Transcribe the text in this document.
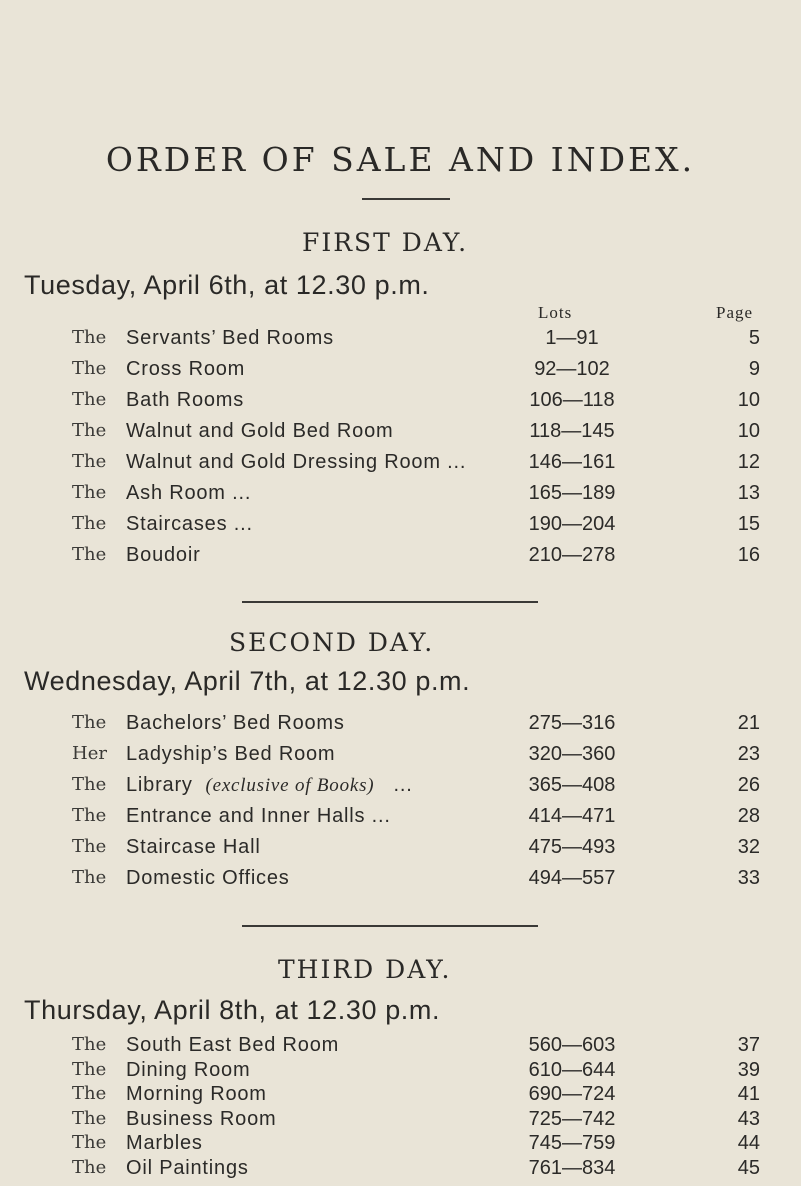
ORDER OF SALE AND INDEX.
FIRST DAY.
Tuesday, April 6th, at 12.30 p.m.
Lots	Page
The Servants’ Bed Rooms	1—91	5
The Cross Room	92—102	9
The Bath Rooms	106—118	10
The Walnut and Gold Bed Room	118—145	10
The Walnut and Gold Dressing Room ...	146—161	12
The Ash Room ...	165—189	13
The Staircases ...	190—204	15
The Boudoir	210—278	16
SECOND DAY.
Wednesday, April 7th, at 12.30 p.m.
The Bachelors’ Bed Rooms	275—316	21
Her Ladyship’s Bed Room	320—360	23
The Library (exclusive of Books) ...	365—408	26
The Entrance and Inner Halls ...	414—471	28
The Staircase Hall	475—493	32
The Domestic Offices	494—557	33
THIRD DAY.
Thursday, April 8th, at 12.30 p.m.
The South East Bed Room	560—603	37
The Dining Room	610—644	39
The Morning Room	690—724	41
The Business Room	725—742	43
The Marbles	745—759	44
The Oil Paintings	761—834	45
